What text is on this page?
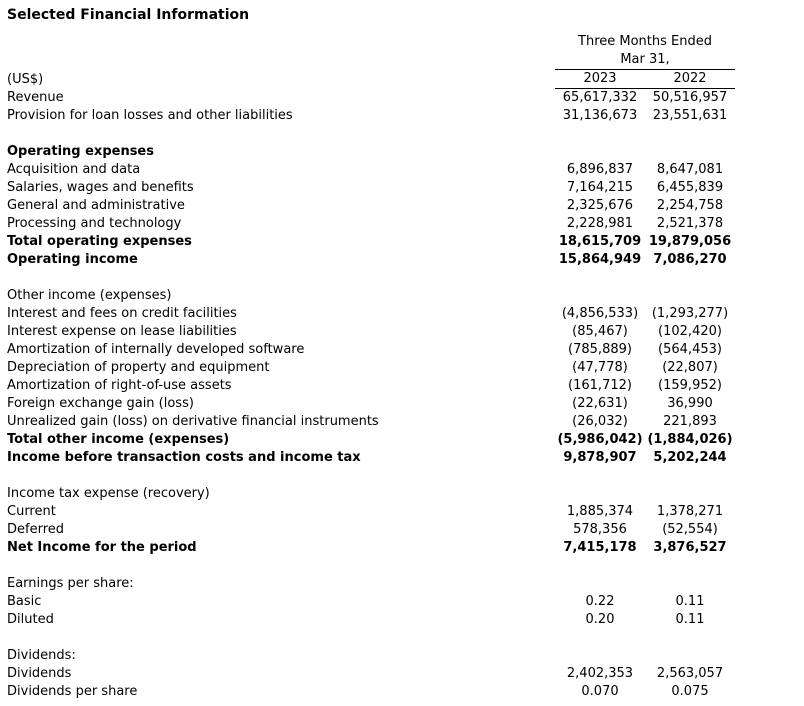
Selected Financial Information
	Three Months Ended
Mar 31,	
(US$)	2023	2022
Revenue	65,617,332	50,516,957
Provision for loan losses and other liabilities	31,136,673	23,551,631

Operating expenses		
Acquisition and data	6,896,837	8,647,081
Salaries, wages and benefits	7,164,215	6,455,839
General and administrative	2,325,676	2,254,758
Processing and technology	2,228,981	2,521,378
Total operating expenses	18,615,709	19,879,056
Operating income	15,864,949	7,086,270

Other income (expenses)		
Interest and fees on credit facilities	(4,856,533)	(1,293,277)
Interest expense on lease liabilities	(85,467)	(102,420)
Amortization of internally developed software	(785,889)	(564,453)
Depreciation of property and equipment	(47,778)	(22,807)
Amortization of right-of-use assets	(161,712)	(159,952)
Foreign exchange gain (loss)	(22,631)	36,990
Unrealized gain (loss) on derivative financial instruments	(26,032)	221,893
Total other income (expenses)	(5,986,042)	(1,884,026)
Income before transaction costs and income tax	9,878,907	5,202,244

Income tax expense (recovery)		
Current	1,885,374	1,378,271
Deferred	578,356	(52,554)
Net Income for the period	7,415,178	3,876,527

Earnings per share:		
Basic	0.22	0.11
Diluted	0.20	0.11

Dividends:		
Dividends	2,402,353	2,563,057
Dividends per share	0.070	0.075
